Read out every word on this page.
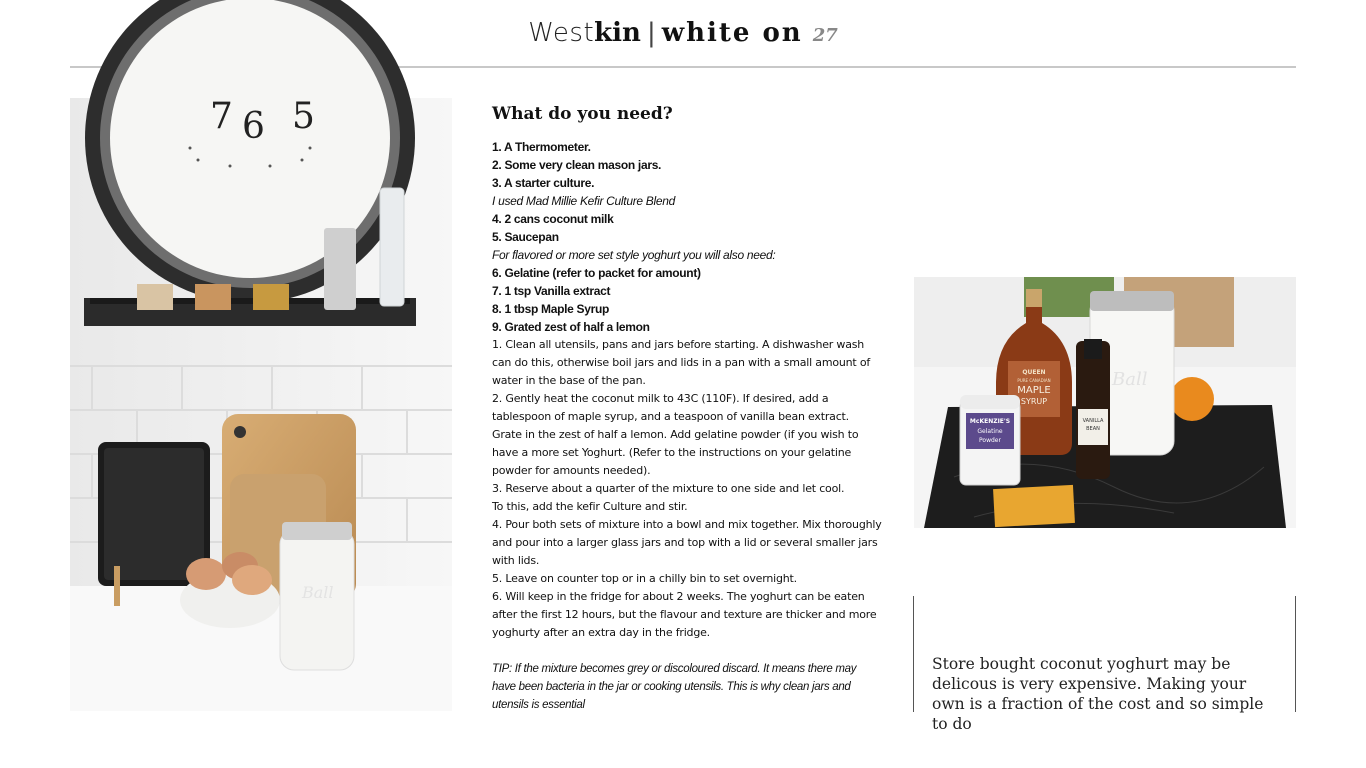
Westkin | white on 27
7 6 5
Ball
What do you need?
1. A Thermometer.
2. Some very clean mason jars.
3. A starter culture.
I used Mad Millie Kefir Culture Blend
4. 2 cans coconut milk
5. Saucepan
For flavored or more set style yoghurt you will also need:
6. Gelatine (refer to packet for amount)
7. 1 tsp Vanilla extract
8. 1 tbsp Maple Syrup
9. Grated zest of half a lemon

1. Clean all utensils, pans and jars before starting. A dishwasher wash can do this, otherwise boil jars and lids in a pan with a small amount of water in the base of the pan.

2. Gently heat the coconut milk to 43C (110F). If desired, add a tablespoon of maple syrup, and a teaspoon of vanilla bean extract. Grate in the zest of half a lemon. Add gelatine powder (if you wish to have a more set Yoghurt. (Refer to the instructions on your gelatine powder for amounts needed).

3. Reserve about a quarter of the mixture to one side and let cool.

To this, add the kefir Culture and stir.

4. Pour both sets of mixture into a bowl and mix together. Mix thoroughly and pour into a larger glass jars and top with a lid or several smaller jars with lids.

5. Leave on counter top or in a chilly bin to set overnight.

6. Will keep in the fridge for about 2 weeks. The yoghurt can be eaten after the first 12 hours, but the flavour and texture are thicker and more yoghurty after an extra day in the fridge.

TIP: If the mixture becomes grey or discoloured discard. It means there may have been bacteria in the jar or cooking utensils. This is why clean jars and utensils is essential

Ball
QUEEN
PURE CANADIAN
MAPLE
SYRUP
McKENZIE'S
Gelatine
Powder
VANILLA
BEAN

Store bought coconut yoghurt may be delicous is very expensive. Making your own is a fraction of the cost and so simple to do
